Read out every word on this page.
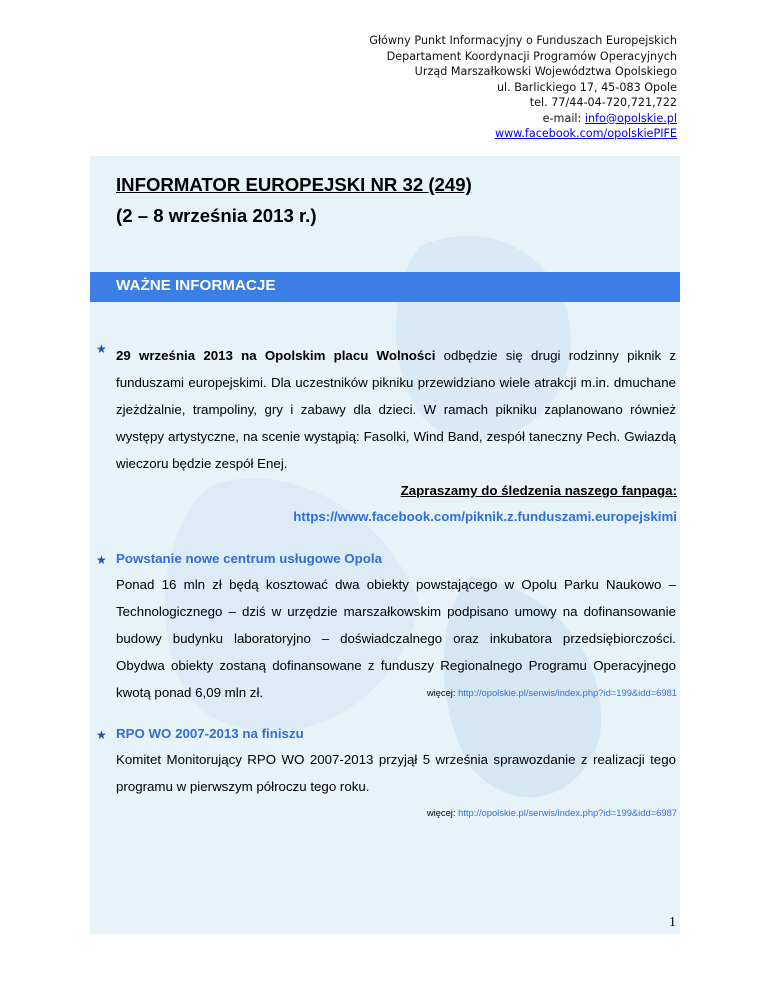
Główny Punkt Informacyjny o Funduszach Europejskich
Departament Koordynacji Programów Operacyjnych
Urząd Marszałkowski Województwa Opolskiego
ul. Barlickiego 17, 45-083 Opole
tel. 77/44-04-720,721,722
e-mail: info@opolskie.pl
www.facebook.com/opolskiePIFE
INFORMATOR EUROPEJSKI NR 32 (249)
(2 – 8 września 2013 r.)
WAŻNE INFORMACJE
★ 29 września 2013 na Opolskim placu Wolności odbędzie się drugi rodzinny piknik z funduszami europejskimi. Dla uczestników pikniku przewidziano wiele atrakcji m.in. dmuchane zjeżdżalnie, trampoliny, gry i zabawy dla dzieci. W ramach pikniku zaplanowano również występy artystyczne, na scenie wystąpią: Fasolki, Wind Band, zespół taneczny Pech. Gwiazdą wieczoru będzie zespół Enej.
Zapraszamy do śledzenia naszego fanpaga:
https://www.facebook.com/piknik.z.funduszami.europejskimi
★ Powstanie nowe centrum usługowe Opola
Ponad 16 mln zł będą kosztować dwa obiekty powstającego w Opolu Parku Naukowo – Technologicznego – dziś w urzędzie marszałkowskim podpisano umowy na dofinansowanie budowy budynku laboratoryjno – doświadczalnego oraz inkubatora przedsiębiorczości. Obydwa obiekty zostaną dofinansowane z funduszy Regionalnego Programu Operacyjnego kwotą ponad 6,09 mln zł.	więcej: http://opolskie.pl/serwis/index.php?id=199&idd=6981
★ RPO WO 2007-2013 na finiszu
Komitet Monitorujący RPO WO 2007-2013 przyjął 5 września sprawozdanie z realizacji tego programu w pierwszym półroczu tego roku.
więcej: http://opolskie.pl/serwis/index.php?id=199&idd=6987
1
